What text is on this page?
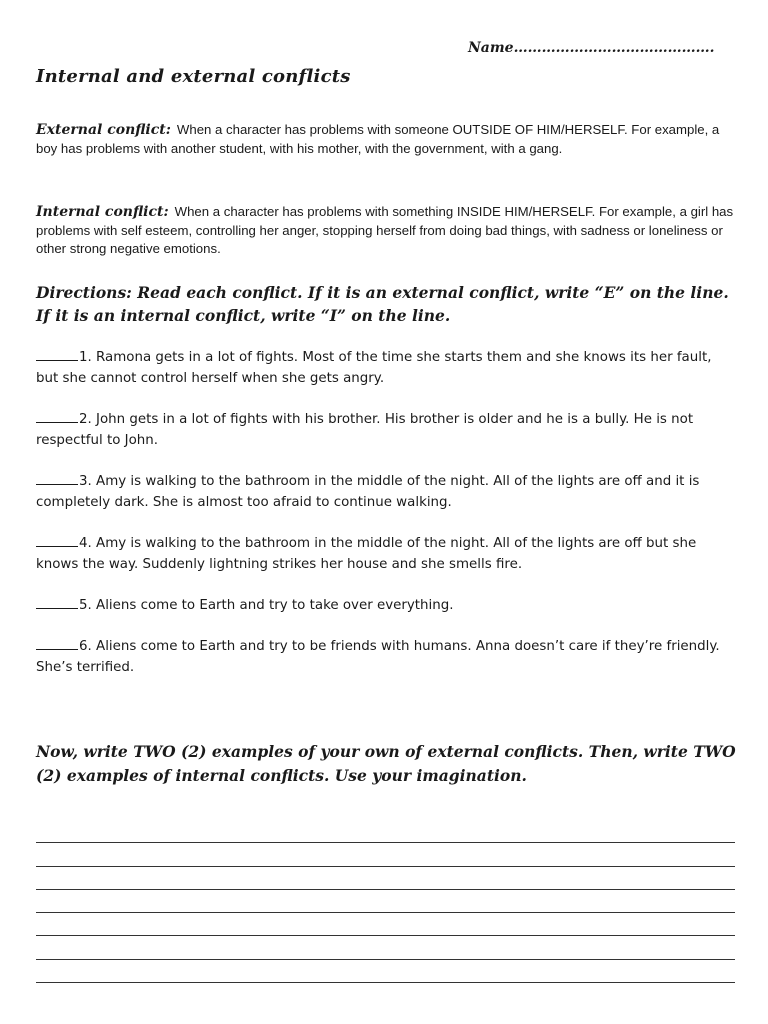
Name…………………………………….
Internal and external conflicts
External conflict: When a character has problems with someone OUTSIDE OF HIM/HERSELF. For example, a boy has problems with another student, with his mother, with the government, with a gang.
Internal conflict: When a character has problems with something INSIDE HIM/HERSELF. For example, a girl has problems with self esteem, controlling her anger, stopping herself from doing bad things, with sadness or loneliness or other strong negative emotions.
Directions: Read each conflict. If it is an external conflict, write “E” on the line. If it is an internal conflict, write “I” on the line.
1. Ramona gets in a lot of fights. Most of the time she starts them and she knows its her fault, but she cannot control herself when she gets angry.
2. John gets in a lot of fights with his brother. His brother is older and he is a bully. He is not respectful to John.
3. Amy is walking to the bathroom in the middle of the night. All of the lights are off and it is completely dark. She is almost too afraid to continue walking.
4. Amy is walking to the bathroom in the middle of the night. All of the lights are off but she knows the way. Suddenly lightning strikes her house and she smells fire.
5. Aliens come to Earth and try to take over everything.
6. Aliens come to Earth and try to be friends with humans. Anna doesn’t care if they’re friendly. She’s terrified.
Now, write TWO (2) examples of your own of external conflicts. Then, write TWO (2) examples of internal conflicts. Use your imagination.
